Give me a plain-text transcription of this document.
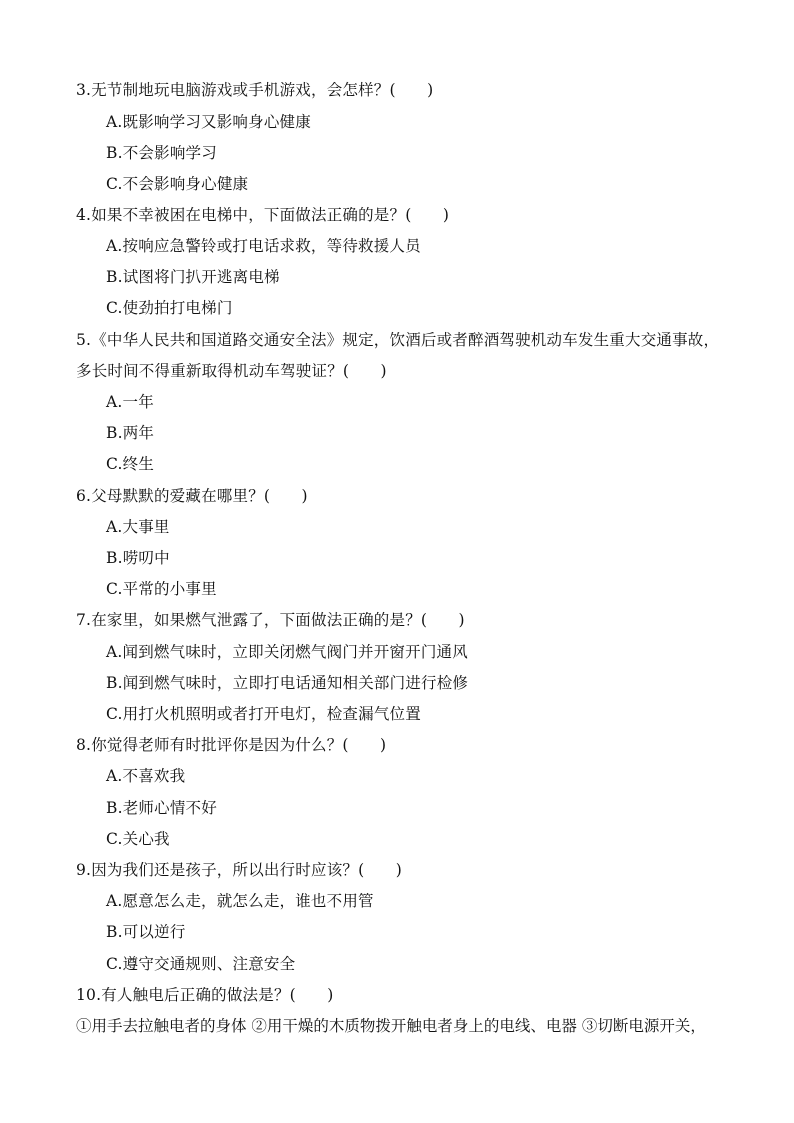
3.无节制地玩电脑游戏或手机游戏，会怎样？(　　)
A.既影响学习又影响身心健康
B.不会影响学习
C.不会影响身心健康
4.如果不幸被困在电梯中，下面做法正确的是？(　　)
A.按响应急警铃或打电话求救，等待救援人员
B.试图将门扒开逃离电梯
C.使劲拍打电梯门
5.《中华人民共和国道路交通安全法》规定，饮酒后或者醉酒驾驶机动车发生重大交通事故，
多长时间不得重新取得机动车驾驶证？(　　)
A.一年
B.两年
C.终生
6.父母默默的爱藏在哪里？(　　)
A.大事里
B.唠叨中
C.平常的小事里
7.在家里，如果燃气泄露了，下面做法正确的是？(　　)
A.闻到燃气味时，立即关闭燃气阀门并开窗开门通风
B.闻到燃气味时，立即打电话通知相关部门进行检修
C.用打火机照明或者打开电灯，检查漏气位置
8.你觉得老师有时批评你是因为什么？(　　)
A.不喜欢我
B.老师心情不好
C.关心我
9.因为我们还是孩子，所以出行时应该？(　　)
A.愿意怎么走，就怎么走，谁也不用管
B.可以逆行
C.遵守交通规则、注意安全
10.有人触电后正确的做法是？(　　)
①用手去拉触电者的身体 ②用干燥的木质物拨开触电者身上的电线、电器 ③切断电源开关，
